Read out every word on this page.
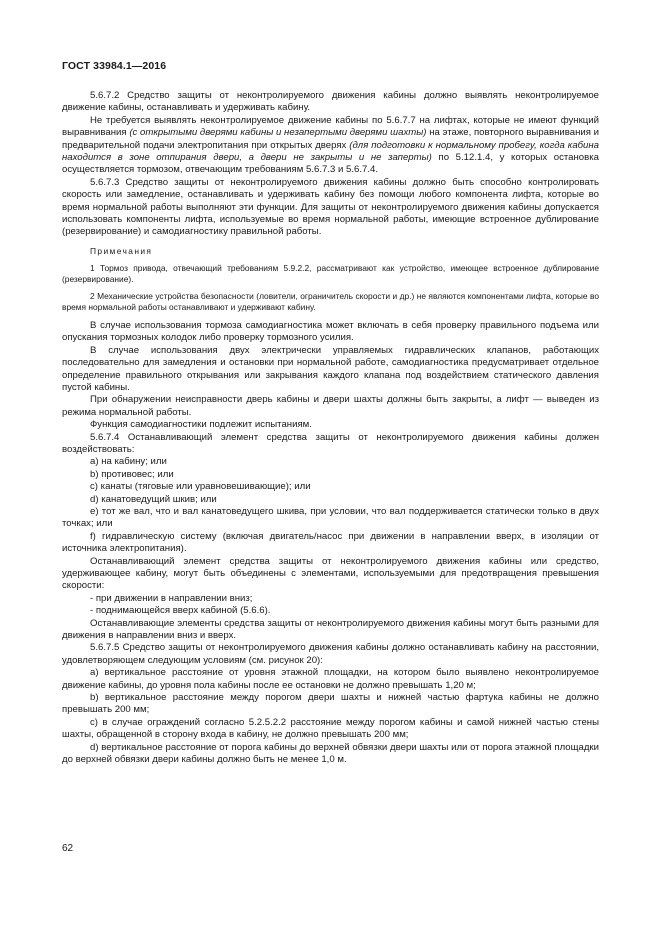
ГОСТ 33984.1—2016

5.6.7.2 Средство защиты от неконтролируемого движения кабины должно выявлять неконтролируемое движение кабины, останавливать и удерживать кабину.

Не требуется выявлять неконтролируемое движение кабины по 5.6.7.7 на лифтах, которые не имеют функций выравнивания (с открытыми дверями кабины и незапертыми дверями шахты) на этаже, повторного выравнивания и предварительной подачи электропитания при открытых дверях (для подготовки к нормальному пробегу, когда кабина находится в зоне отпирания двери, а двери не закрыты и не заперты) по 5.12.1.4, у которых остановка осуществляется тормозом, отвечающим требованиям 5.6.7.3 и 5.6.7.4.

5.6.7.3 Средство защиты от неконтролируемого движения кабины должно быть способно контролировать скорость или замедление, останавливать и удерживать кабину без помощи любого компонента лифта, которые во время нормальной работы выполняют эти функции. Для защиты от неконтролируемого движения кабины допускается использовать компоненты лифта, используемые во время нормальной работы, имеющие встроенное дублирование (резервирование) и самодиагностику правильной работы.

Примечания

1 Тормоз привода, отвечающий требованиям 5.9.2.2, рассматривают как устройство, имеющее встроенное дублирование (резервирование).

2 Механические устройства безопасности (ловители, ограничитель скорости и др.) не являются компонентами лифта, которые во время нормальной работы останавливают и удерживают кабину.

В случае использования тормоза самодиагностика может включать в себя проверку правильного подъема или опускания тормозных колодок либо проверку тормозного усилия.

В случае использования двух электрически управляемых гидравлических клапанов, работающих последовательно для замедления и остановки при нормальной работе, самодиагностика предусматривает отдельное определение правильного открывания или закрывания каждого клапана под воздействием статического давления пустой кабины.

При обнаружении неисправности дверь кабины и двери шахты должны быть закрыты, а лифт — выведен из режима нормальной работы.

Функция самодиагностики подлежит испытаниям.

5.6.7.4 Останавливающий элемент средства защиты от неконтролируемого движения кабины должен воздействовать:

a) на кабину; или

b) противовес; или

c) канаты (тяговые или уравновешивающие); или

d) канатоведущий шкив; или

e) тот же вал, что и вал канатоведущего шкива, при условии, что вал поддерживается статически только в двух точках; или

f) гидравлическую систему (включая двигатель/насос при движении в направлении вверх, в изоляции от источника электропитания).

Останавливающий элемент средства защиты от неконтролируемого движения кабины или средство, удерживающее кабину, могут быть объединены с элементами, используемыми для предотвращения превышения скорости:

- при движении в направлении вниз;

- поднимающейся вверх кабиной (5.6.6).

Останавливающие элементы средства защиты от неконтролируемого движения кабины могут быть разными для движения в направлении вниз и вверх.

5.6.7.5 Средство защиты от неконтролируемого движения кабины должно останавливать кабину на расстоянии, удовлетворяющем следующим условиям (см. рисунок 20):

a) вертикальное расстояние от уровня этажной площадки, на котором было выявлено неконтролируемое движение кабины, до уровня пола кабины после ее остановки не должно превышать 1,20 м;

b) вертикальное расстояние между порогом двери шахты и нижней частью фартука кабины не должно превышать 200 мм;

c) в случае ограждений согласно 5.2.5.2.2 расстояние между порогом кабины и самой нижней частью стены шахты, обращенной в сторону входа в кабину, не должно превышать 200 мм;

d) вертикальное расстояние от порога кабины до верхней обвязки двери шахты или от порога этажной площадки до верхней обвязки двери кабины должно быть не менее 1,0 м.

62
